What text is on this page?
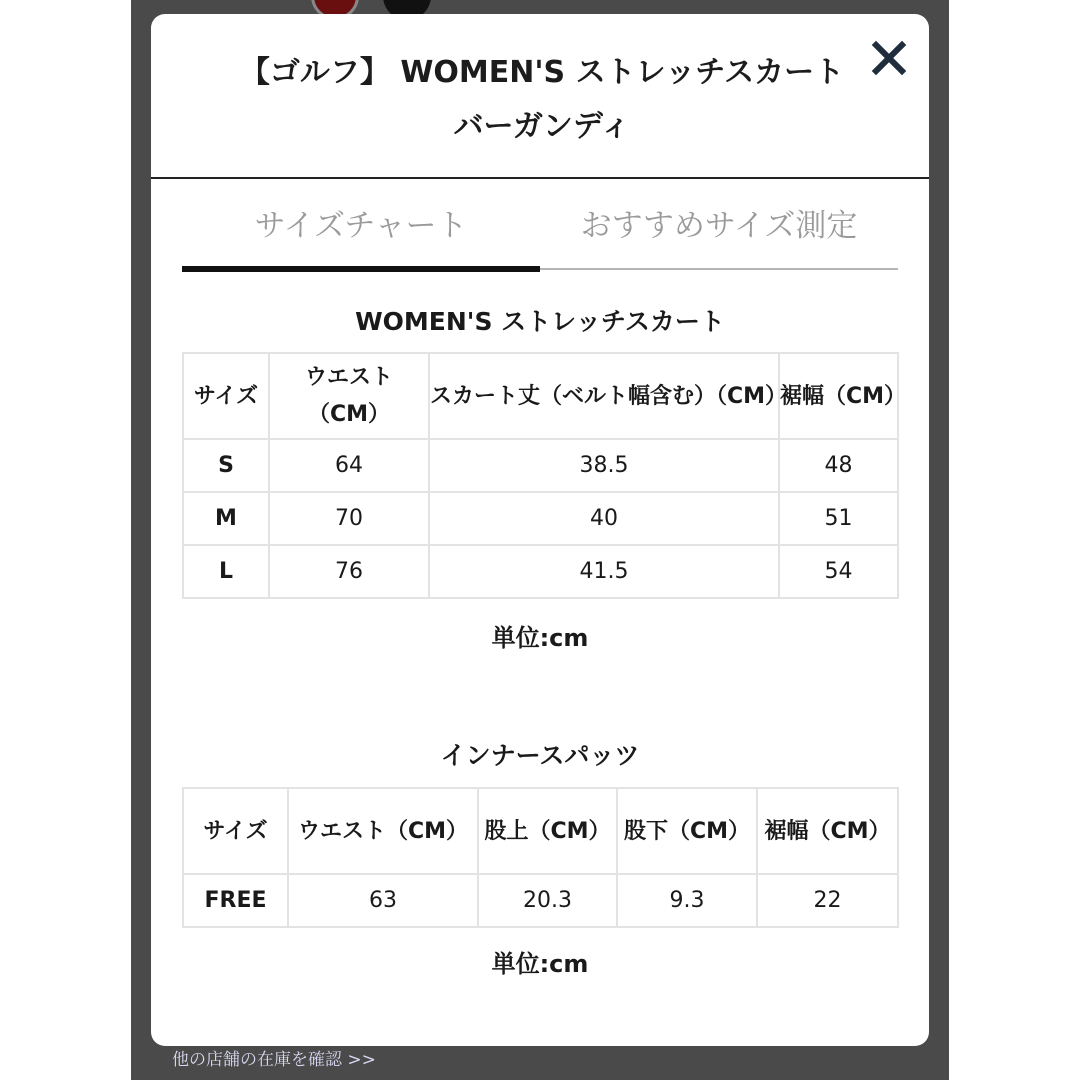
他の店舗の在庫を確認 >>
【ゴルフ】 WOMEN'S ストレッチスカート バーガンディ
サイズチャート	おすすめサイズ測定
WOMEN'S ストレッチスカート
サイズ	ウエスト（CM）	スカート丈（ベルト幅含む）（CM）	裾幅（CM）
S	64	38.5	48
M	70	40	51
L	76	41.5	54
単位:cm
インナースパッツ
サイズ	ウエスト（CM）	股上（CM）	股下（CM）	裾幅（CM）
FREE	63	20.3	9.3	22
単位:cm
